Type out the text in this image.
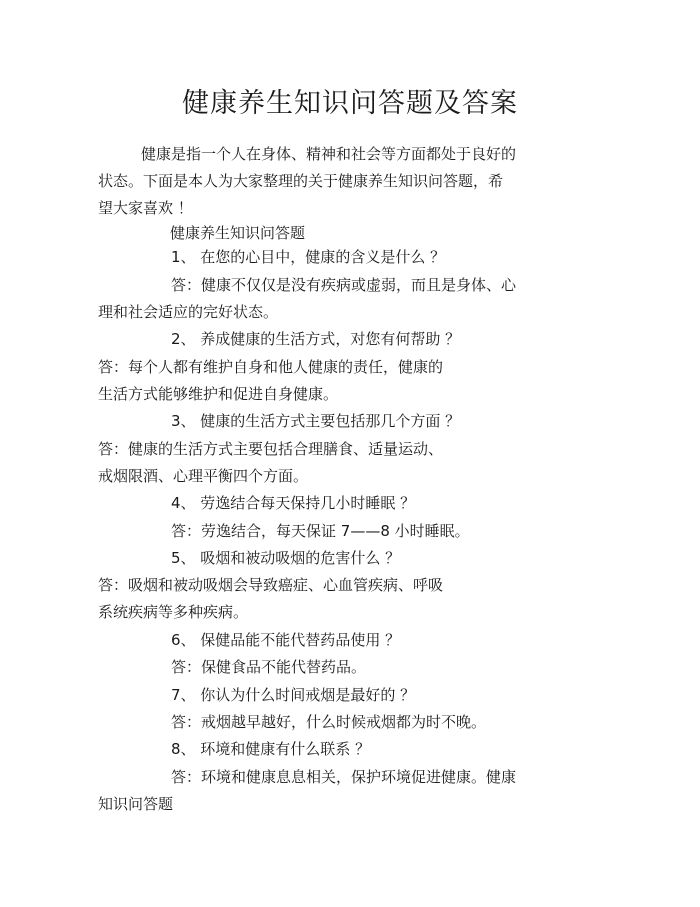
健康养生知识问答题及答案
健康是指一个人在身体、精神和社会等方面都处于良好的
状态。下面是本人为大家整理的关于健康养生知识问答题，希
望大家喜欢 ！
健康养生知识问答题
1、 在您的心目中，健康的含义是什么 ？
答：健康不仅仅是没有疾病或虚弱，而且是身体、心
理和社会适应的完好状态。
2、 养成健康的生活方式，对您有何帮助 ？
答：每个人都有维护自身和他人健康的责任，健康的
生活方式能够维护和促进自身健康。
3、 健康的生活方式主要包括那几个方面 ？
答：健康的生活方式主要包括合理膳食、适量运动、
戒烟限酒、心理平衡四个方面。
4、 劳逸结合每天保持几小时睡眠 ？
答：劳逸结合，每天保证 7——8 小时睡眠。
5、 吸烟和被动吸烟的危害什么 ？
答：吸烟和被动吸烟会导致癌症、心血管疾病、呼吸
系统疾病等多种疾病。
6、 保健品能不能代替药品使用 ？
答：保健食品不能代替药品。
7、 你认为什么时间戒烟是最好的 ？
答：戒烟越早越好，什么时候戒烟都为时不晚。
8、 环境和健康有什么联系 ？
答：环境和健康息息相关，保护环境促进健康。健康
知识问答题
